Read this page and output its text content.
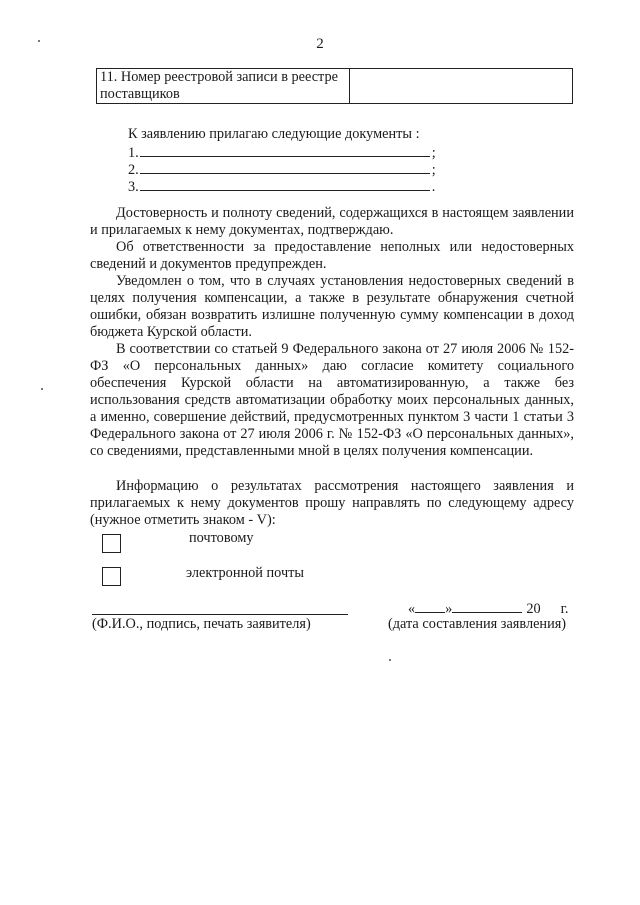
2
11. Номер реестровой записи в реестре поставщиков	
К заявлению прилагаю следующие документы :
1.	;
2.	;
3.	.
Достоверность и полноту сведений, содержащихся в настоящем заявлении и прилагаемых к нему документах, подтверждаю.
Об ответственности за предоставление неполных или недостоверных сведений и документов предупрежден.
Уведомлен о том, что в случаях установления недостоверных сведений в целях получения компенсации, а также в результате обнаружения счетной ошибки, обязан возвратить излишне полученную сумму компенсации в доход бюджета Курской области.
В соответствии со статьей 9 Федерального закона от 27 июля 2006 № 152-ФЗ «О персональных данных» даю согласие комитету социального обеспечения Курской области на автоматизированную, а также без использования средств автоматизации обработку моих персональных данных, а именно, совершение действий, предусмотренных пунктом 3 части 1 статьи 3 Федерального закона от 27 июля 2006 г. № 152-ФЗ «О персональных данных», со сведениями, представленными мной в целях получения компенсации.
Информацию о результатах рассмотрения настоящего заявления и прилагаемых к нему документов прошу направлять по следующему адресу (нужное отметить знаком - V):
почтовому
электронной почты
(Ф.И.О., подпись, печать заявителя)
« »	20 г.
(дата составления заявления)
